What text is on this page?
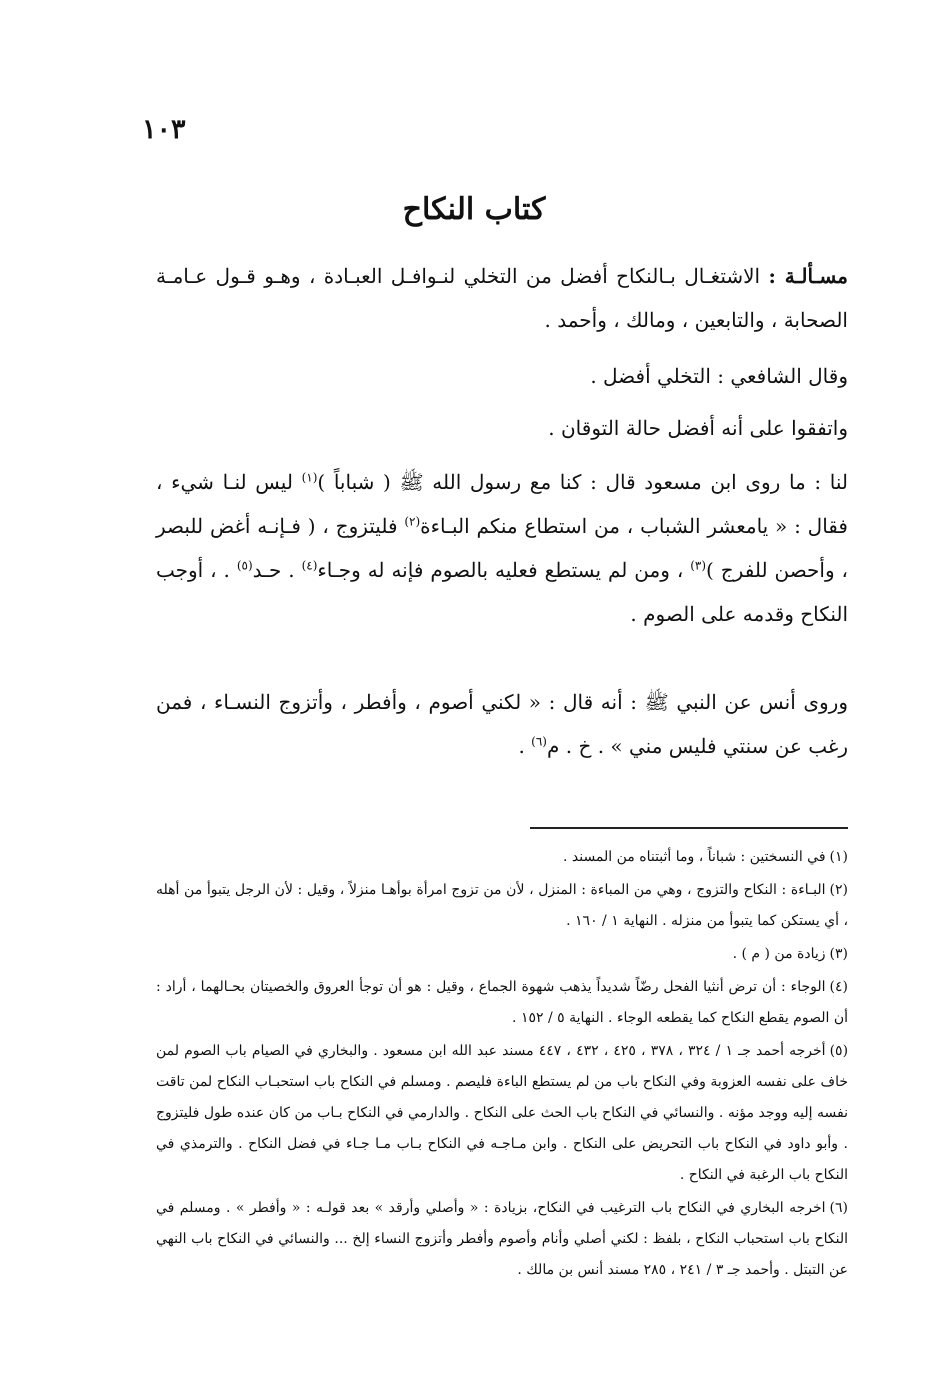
١٠٣
كتاب النكاح

مسـألـة : الاشتغـال بـالنكاح أفضل من التخلي لنـوافـل العبـادة ، وهـو قـول عـامـة الصحابة ، والتابعين ، ومالك ، وأحمد .

وقال الشافعي : التخلي أفضل .

واتفقوا على أنه أفضل حالة التوقان .

لنا : ما روى ابن مسعود قال : كنا مع رسول الله ﷺ ( شباباً )$^{(١)}$ ليس لنـا شيء ، فقال : « يامعشر الشباب ، من استطاع منكم البـاءة$^{(٢)}$ فليتزوج ، ( فـإنـه أغض للبصر ، وأحصن للفرج )$^{(٣)}$ ، ومن لم يستطع فعليه بالصوم فإنه له وجـاء$^{(٤)}$ . حـد$^{(٥)}$ . ، أوجب النكاح وقدمه على الصوم .

وروى أنس عن النبي ﷺ : أنه قال : « لكني أصوم ، وأفطر ، وأتزوج النسـاء ، فمن رغب عن سنتي فليس مني » . خ . م$^{(٦)}$ .

(١)في النسختين : شباناً ، وما أثبتناه من المسند .

(٢)البـاءة : النكاح والتزوج ، وهي من المباءة : المنزل ، لأن من تزوج امرأة بوأهـا منزلاً ، وقيل : لأن الرجل يتبوأ من أهله ، أي يستكن كما يتبوأ من منزله . النهاية ١ / ١٦٠ .

(٣)زيادة من ( م ) .

(٤)الوجاء : أن ترض أنثيا الفحل رضّاً شديداً يذهب شهوة الجماع ، وقيل : هو أن توجأ العروق والخصيتان بحـالهما ، أراد : أن الصوم يقطع النكاح كما يقطعه الوجاء . النهاية ٥ / ١٥٢ .

(٥)أخرجه أحمد جـ ١ / ٣٢٤ ، ٣٧٨ ، ٤٢٥ ، ٤٣٢ ، ٤٤٧ مسند عبد الله ابن مسعود . والبخاري في الصيام باب الصوم لمن خاف على نفسه العزوبة وفي النكاح باب من لم يستطع الباءة فليصم . ومسلم في النكاح باب استحبـاب النكاح لمن تاقت نفسه إليه ووجد مؤنه . والنسائي في النكاح باب الحث على النكاح . والدارمي في النكاح بـاب من كان عنده طول فليتزوج . وأبو داود في النكاح باب التحريض على النكاح . وابن مـاجـه في النكاح بـاب مـا جـاء في فضل النكاح . والترمذي في النكاح باب الرغبة في النكاح .

(٦)اخرجه البخاري في النكاح باب الترغيب في النكاح، بزيادة : « وأصلي وأرقد » بعد قولـه : « وأفطر » . ومسلم في النكاح باب استحباب النكاح ، بلفظ : لكني أصلي وأنام وأصوم وأفطر وأتزوج النساء إلخ ... والنسائي في النكاح باب النهي عن التبتل . وأحمد جـ ٣ / ٢٤١ ، ٢٨٥ مسند أنس بن مالك .
